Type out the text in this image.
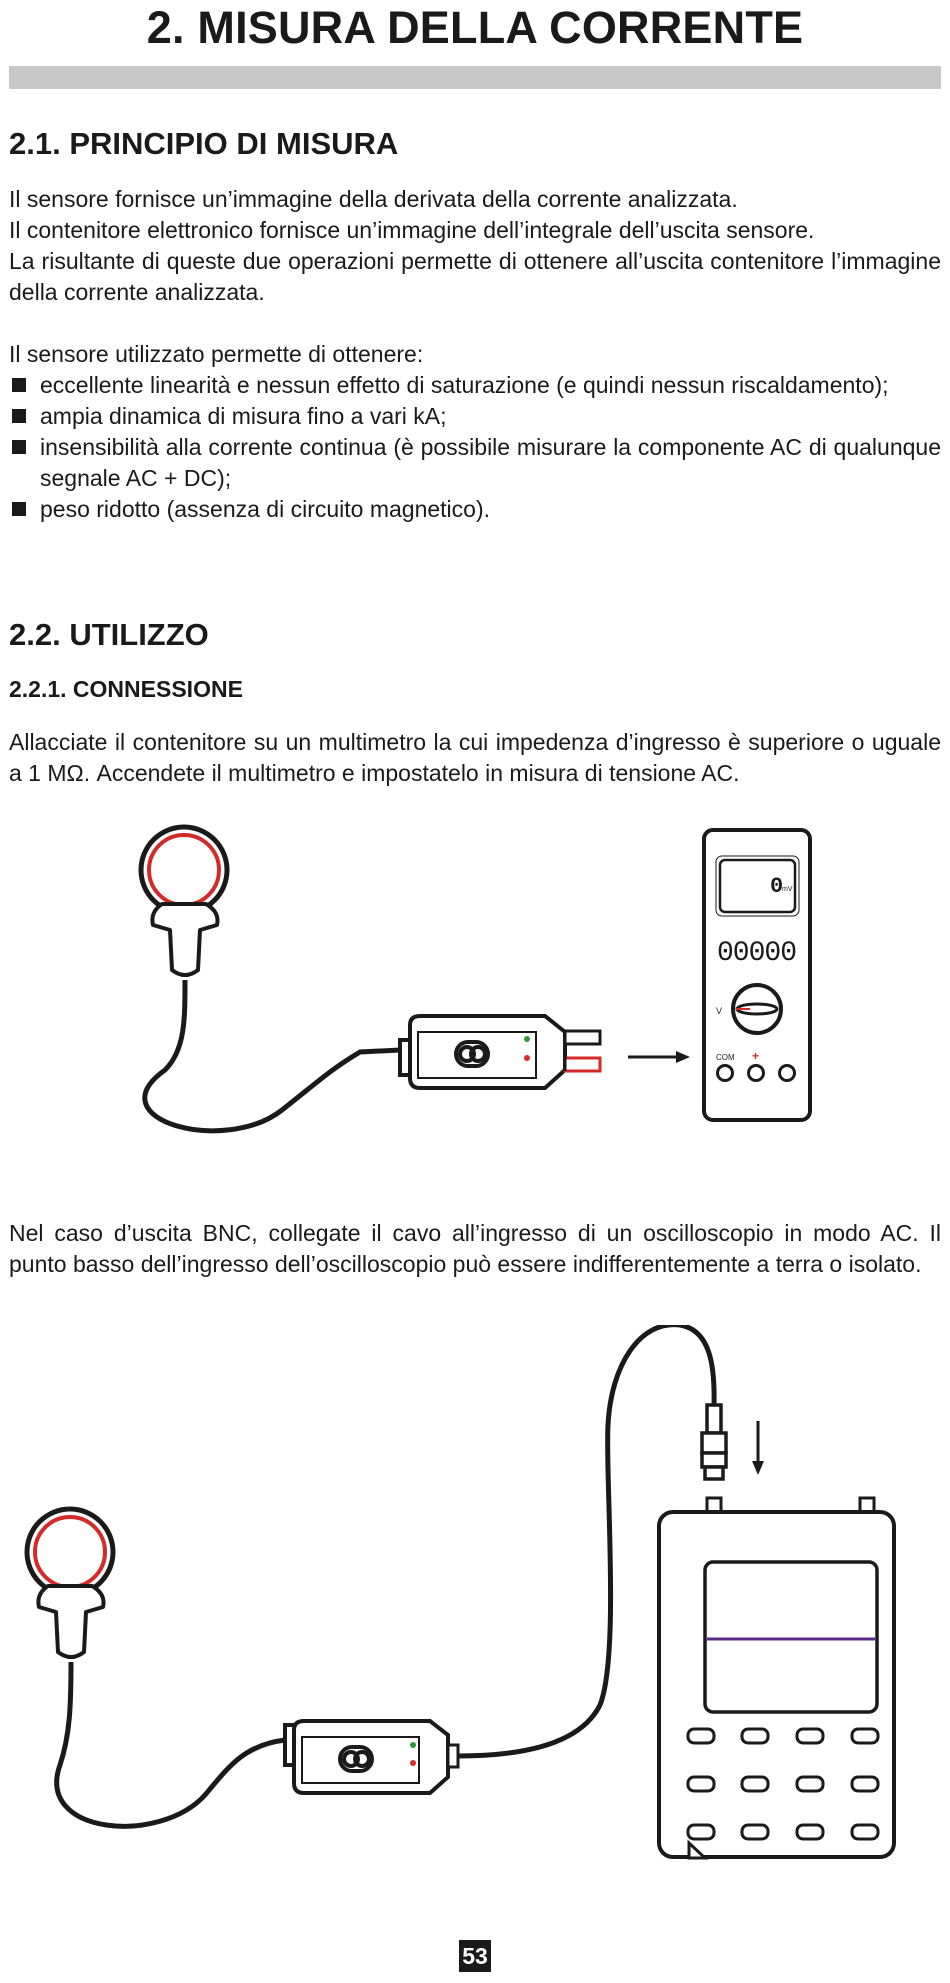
2. MISURA DELLA CORRENTE
2.1. PRINCIPIO DI MISURA

Il sensore fornisce un’immagine della derivata della corrente analizzata.

Il contenitore elettronico fornisce un’immagine dell’integrale dell’uscita sensore.

La risultante di queste due operazioni permette di ottenere all’uscita contenitore l’immagine della corrente analizzata.

Il sensore utilizzato permette di ottenere:

eccellente linearità e nessun effetto di saturazione (e quindi nessun riscaldamento);
ampia dinamica di misura fino a vari kA;
insensibilità alla corrente continua (è possibile misurare la componente AC di qualunque segnale AC + DC);
peso ridotto (assenza di circuito magnetico).
2.2. UTILIZZO
2.2.1. CONNESSIONE

Allacciate il contenitore su un multimetro la cui impedenza d’ingresso è superiore o uguale a 1 MΩ. Accendete il multimetro e impostatelo in misura di tensione AC.

0
mV
00000
V
COM +

Nel caso d’uscita BNC, collegate il cavo all’ingresso di un oscilloscopio in modo AC. Il punto basso dell’ingresso dell’oscilloscopio può essere indifferentemente a terra o isolato.

53
